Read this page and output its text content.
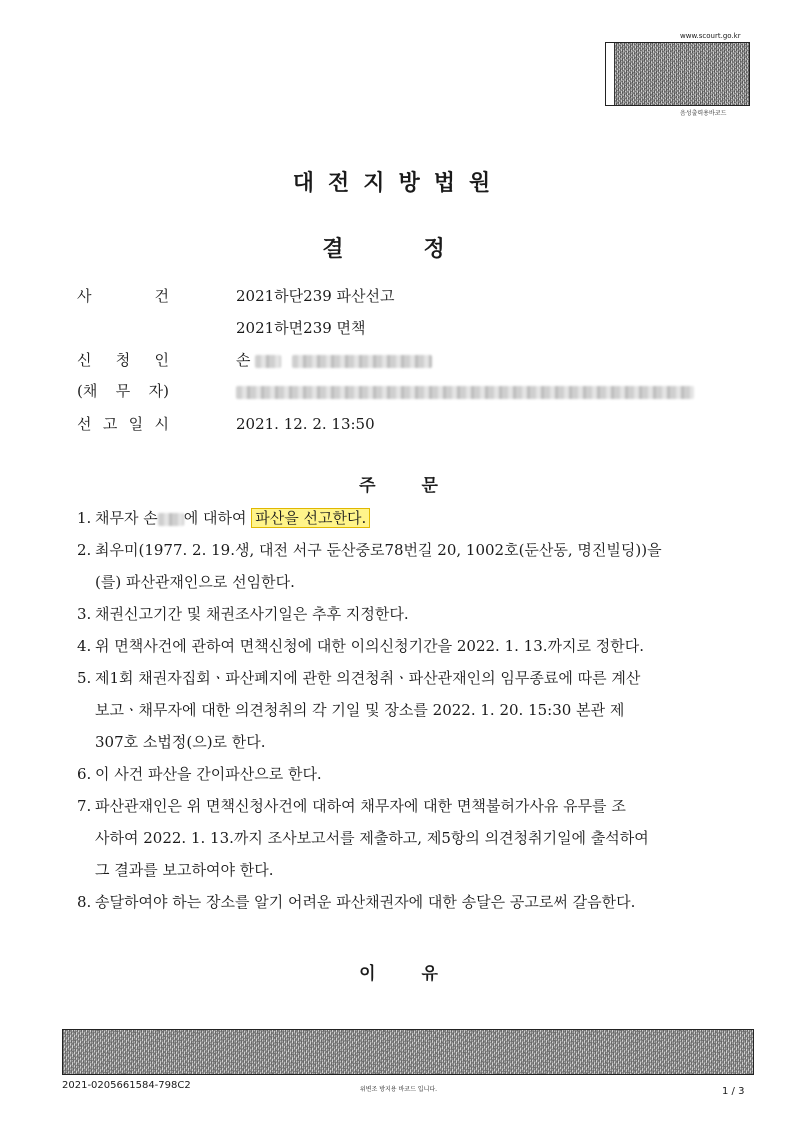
www.scourt.go.kr
음성출력용바코드
대전지방법원
결정
사	건	2021하단239 파산선고
2021하면239 면책
신 청 인	손
(채 무 자)
선 고 일 시	2021. 12. 2. 13:50
주문
1. 채무자 손 에 대하여 파산을 선고한다.
2. 최우미(1977. 2. 19.생, 대전 서구 둔산중로78번길 20, 1002호(둔산동, 명진빌딩))을
(를) 파산관재인으로 선임한다.
3. 채권신고기간 및 채권조사기일은 추후 지정한다.
4. 위 면책사건에 관하여 면책신청에 대한 이의신청기간을 2022. 1. 13.까지로 정한다.
5. 제1회 채권자집회ㆍ파산폐지에 관한 의견청취ㆍ파산관재인의 임무종료에 따른 계산
보고ㆍ채무자에 대한 의견청취의 각 기일 및 장소를 2022. 1. 20. 15:30 본관 제
307호 소법정(으)로 한다.
6. 이 사건 파산을 간이파산으로 한다.
7. 파산관재인은 위 면책신청사건에 대하여 채무자에 대한 면책불허가사유 유무를 조
사하여 2022. 1. 13.까지 조사보고서를 제출하고, 제5항의 의견청취기일에 출석하여
그 결과를 보고하여야 한다.
8. 송달하여야 하는 장소를 알기 어려운 파산채권자에 대한 송달은 공고로써 갈음한다.
이유
2021-0205661584-798C2	위변조 방지용 바코드 입니다.	1 / 3
